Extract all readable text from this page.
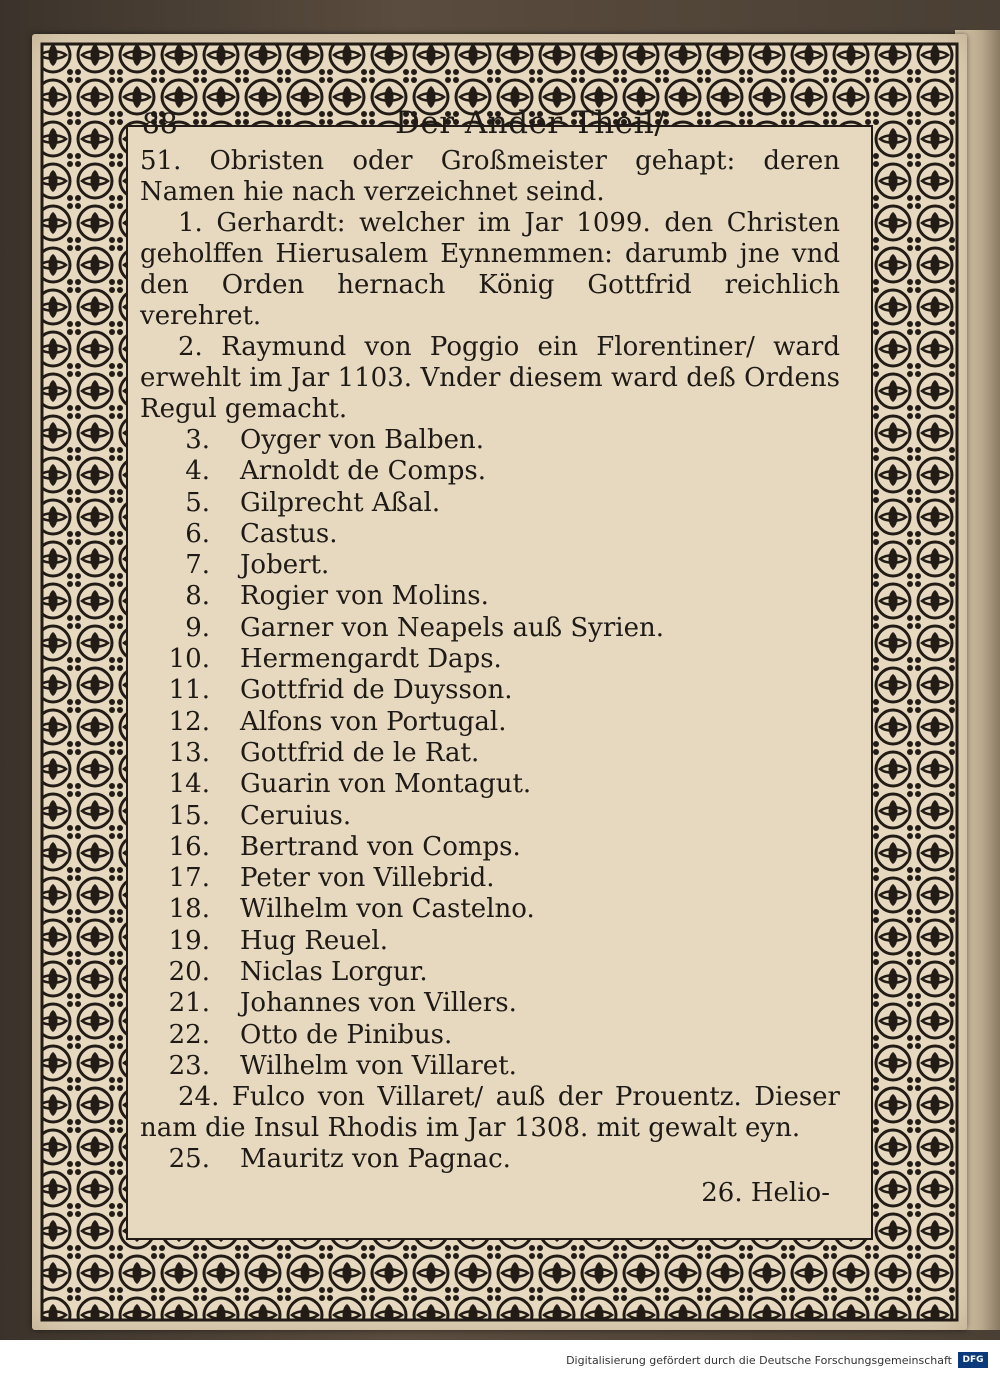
88	Der Ander Theil/

51. Obristen oder Großmeister gehapt: deren Namen hie nach verzeichnet seind.

1. Gerhardt: welcher im Jar 1099. den Christen geholffen Hierusalem Eynnemmen: darumb jne vnd den Orden hernach König Gottfrid reichlich verehret.

2. Raymund von Poggio ein Florentiner/ ward erwehlt im Jar 1103. Vnder diesem ward deß Ordens Regul gemacht.

3.	Oyger von Balben.
4.	Arnoldt de Comps.
5.	Gilprecht Aßal.
6.	Castus.
7.	Jobert.
8.	Rogier von Molins.
9.	Garner von Neapels auß Syrien.
10.	Hermengardt Daps.
11.	Gottfrid de Duysson.
12.	Alfons von Portugal.
13.	Gottfrid de le Rat.
14.	Guarin von Montagut.
15.	Ceruius.
16.	Bertrand von Comps.
17.	Peter von Villebrid.
18.	Wilhelm von Castelno.
19.	Hug Reuel.
20.	Niclas Lorgur.
21.	Johannes von Villers.
22.	Otto de Pinibus.
23.	Wilhelm von Villaret.

24. Fulco von Villaret/ auß der Prouentz. Dieser nam die Insul Rhodis im Jar 1308. mit gewalt eyn.

25.	Mauritz von Pagnac.
26. Helio-
Digitalisierung gefördert durch die Deutsche Forschungsgemeinschaft	DFG
